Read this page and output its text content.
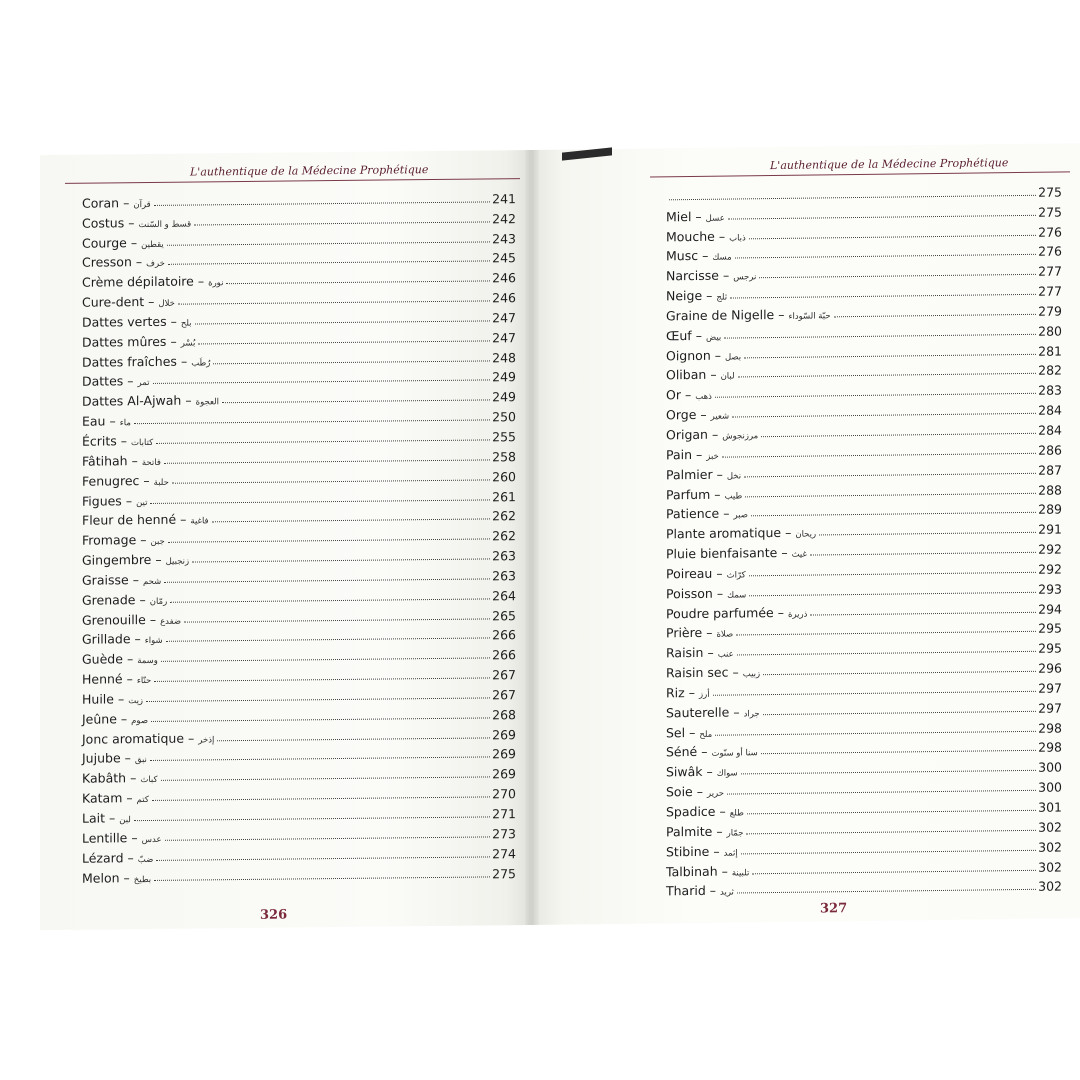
L'authentique de la Médecine Prophétique
Coran – قرآن	241
Costus – قسط و السّنت	242
Courge – يقطين	243
Cresson – خرف	245
Crème dépilatoire – نورة	246
Cure-dent – خلال	246
Dattes vertes – بلح	247
Dattes mûres – بُسْر	247
Dattes fraîches – رُطَب	248
Dattes – تمر	249
Dattes Al-Ajwah – العجوة	249
Eau – ماء	250
Écrits – كتابات	255
Fâtihah – فاتحة	258
Fenugrec – حلبة	260
Figues – تين	261
Fleur de henné – فاغية	262
Fromage – جبن	262
Gingembre – زنجبيل	263
Graisse – شحم	263
Grenade – رمّان	264
Grenouille – ضفدع	265
Grillade – شواء	266
Guède – وسمة	266
Henné – حنّاء	267
Huile – زيت	267
Jeûne – صوم	268
Jonc aromatique – إذخر	269
Jujube – نبق	269
Kabâth – كباث	269
Katam – كتم	270
Lait – لبن	271
Lentille – عدس	273
Lézard – ضبّ	274
Melon – بطيخ	275
326
L'authentique de la Médecine Prophétique
275
Miel – عسل	275
Mouche – ذباب	276
Musc – مسك	276
Narcisse – نرجس	277
Neige – ثلج	277
Graine de Nigelle – حبّة السّوداء	279
Œuf – بيض	280
Oignon – بصل	281
Oliban – لبان	282
Or – ذهب	283
Orge – شعير	284
Origan – مرزنجوش	284
Pain – خبز	286
Palmier – نخل	287
Parfum – طيب	288
Patience – صبر	289
Plante aromatique – ريحان	291
Pluie bienfaisante – غيث	292
Poireau – كرّاث	292
Poisson – سمك	293
Poudre parfumée – ذريرة	294
Prière – صلاة	295
Raisin – عنب	295
Raisin sec – زبيب	296
Riz – أرز	297
Sauterelle – جراد	297
Sel – ملح	298
Séné – سنا أو سنّوت	298
Siwâk – سواك	300
Soie – حرير	300
Spadice – طلع	301
Palmite – جمّار	302
Stibine – إثمد	302
Talbinah – تلبينة	302
Tharid – ثريد	302
327
